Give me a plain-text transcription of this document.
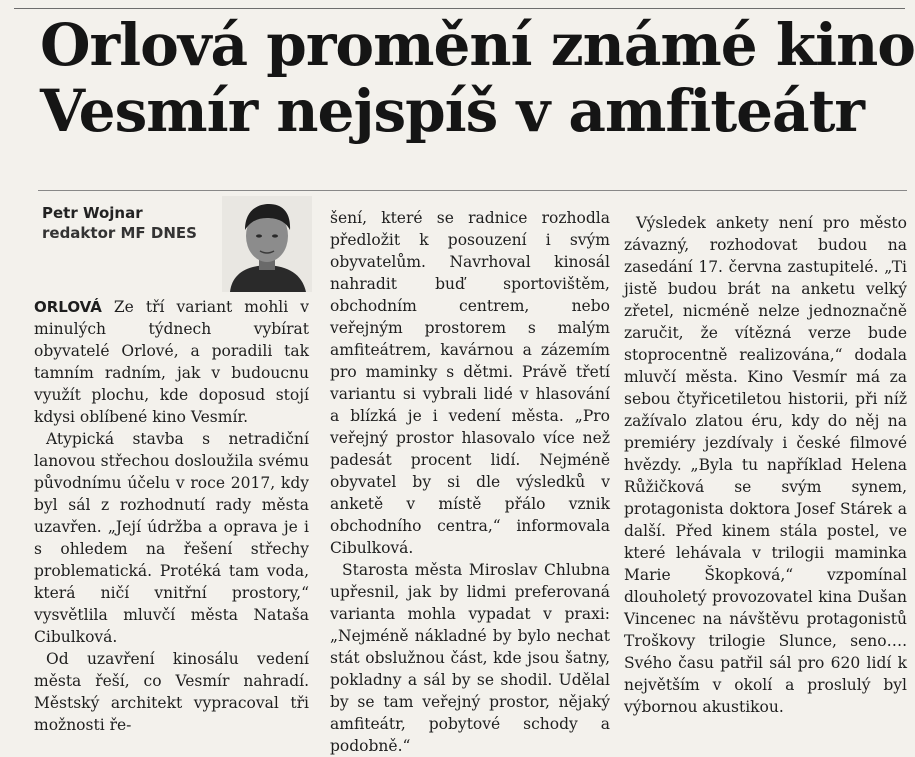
Orlová promění známé kino
Vesmír nejspíš v amfiteátr
Petr Wojnar
redaktor MF DNES

ORLOVÁ Ze tří variant mohli v minulých týdnech vybírat obyvatelé Orlové, a poradili tak tamním radním, jak v budoucnu využít plochu, kde doposud stojí kdysi oblíbené kino Vesmír.

Atypická stavba s netradiční lanovou střechou dosloužila svému původnímu účelu v roce 2017, kdy byl sál z rozhodnutí rady města uzavřen. „Její údržba a oprava je i s ohledem na řešení střechy problematická. Protéká tam voda, která ničí vnitřní prostory,“ vysvětlila mluvčí města Nataša Cibulková.

Od uzavření kinosálu vedení města řeší, co Vesmír nahradí. Městský architekt vypracoval tři možnosti ře-

šení, které se radnice rozhodla předložit k posouzení i svým obyvatelům. Navrhoval kinosál nahradit buď sportovištěm, obchodním centrem, nebo veřejným prostorem s malým amfiteátrem, kavárnou a zázemím pro maminky s dětmi. Právě třetí variantu si vybrali lidé v hlasování a blízká je i vedení města. „Pro veřejný prostor hlasovalo více než padesát procent lidí. Nejméně obyvatel by si dle výsledků v anketě v místě přálo vznik obchodního centra,“ informovala Cibulková.

Starosta města Miroslav Chlubna upřesnil, jak by lidmi preferovaná varianta mohla vypadat v praxi: „Nejméně nákladné by bylo nechat stát obslužnou část, kde jsou šatny, pokladny a sál by se shodil. Udělal by se tam veřejný prostor, nějaký amfiteátr, pobytové schody a podobně.“

Výsledek ankety není pro město závazný, rozhodovat budou na zasedání 17. června zastupitelé. „Ti jistě budou brát na anketu velký zřetel, nicméně nelze jednoznačně zaručit, že vítězná verze bude stoprocentně realizována,“ dodala mluvčí města. Kino Vesmír má za sebou čtyřicetiletou historii, při níž zažívalo zlatou éru, kdy do něj na premiéry jezdívaly i české filmové hvězdy. „Byla tu například Helena Růžičková se svým synem, protagonista doktora Josef Stárek a další. Před kinem stála postel, ve které lehávala v trilogii maminka Marie Škopková,“ vzpomínal dlouholetý provozovatel kina Dušan Vincenec na návštěvu protagonistů Troškovy trilogie Slunce, seno…. Svého času patřil sál pro 620 lidí k největším v okolí a proslulý byl výbornou akustikou.
